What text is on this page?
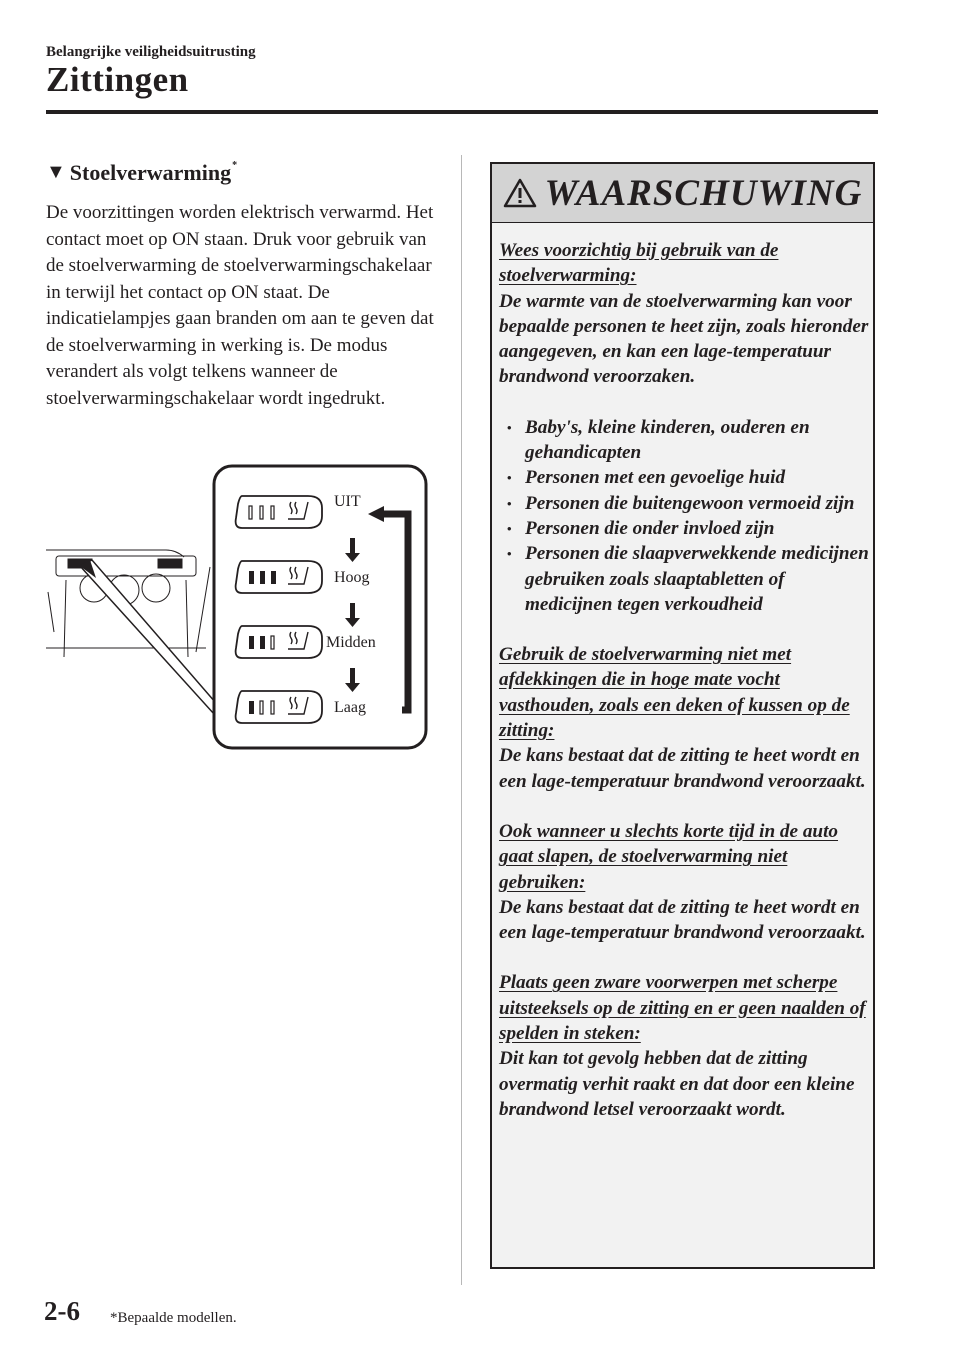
Belangrijke veiligheidsuitrusting
Zittingen
▼ Stoelverwarming*
De voorzittingen worden elektrisch verwarmd. Het contact moet op ON staan. Druk voor gebruik van de stoelverwarming de stoelverwarmingschakelaar in terwijl het contact op ON staat. De indicatielampjes gaan branden om aan te geven dat de stoelverwarming in werking is. De modus verandert als volgt telkens wanneer de stoelverwarmingschakelaar wordt ingedrukt.
UIT
Hoog
Midden
Laag
WAARSCHUWING

Wees voorzichtig bij gebruik van de stoelverwarming:
De warmte van de stoelverwarming kan voor bepaalde personen te heet zijn, zoals hieronder aangegeven, en kan een lage-temperatuur brandwond veroorzaken.

• Baby's, kleine kinderen, ouderen en gehandicapten
• Personen met een gevoelige huid
• Personen die buitengewoon vermoeid zijn
• Personen die onder invloed zijn
• Personen die slaapverwekkende medicijnen gebruiken zoals slaaptabletten of medicijnen tegen verkoudheid

Gebruik de stoelverwarming niet met afdekkingen die in hoge mate vocht vasthouden, zoals een deken of kussen op de zitting:
De kans bestaat dat de zitting te heet wordt en een lage-temperatuur brandwond veroorzaakt.

Ook wanneer u slechts korte tijd in de auto gaat slapen, de stoelverwarming niet gebruiken:
De kans bestaat dat de zitting te heet wordt en een lage-temperatuur brandwond veroorzaakt.

Plaats geen zware voorwerpen met scherpe uitsteeksels op de zitting en er geen naalden of spelden in steken:
Dit kan tot gevolg hebben dat de zitting overmatig verhit raakt en dat door een kleine brandwond letsel veroorzaakt wordt.

2-6 *Bepaalde modellen.
